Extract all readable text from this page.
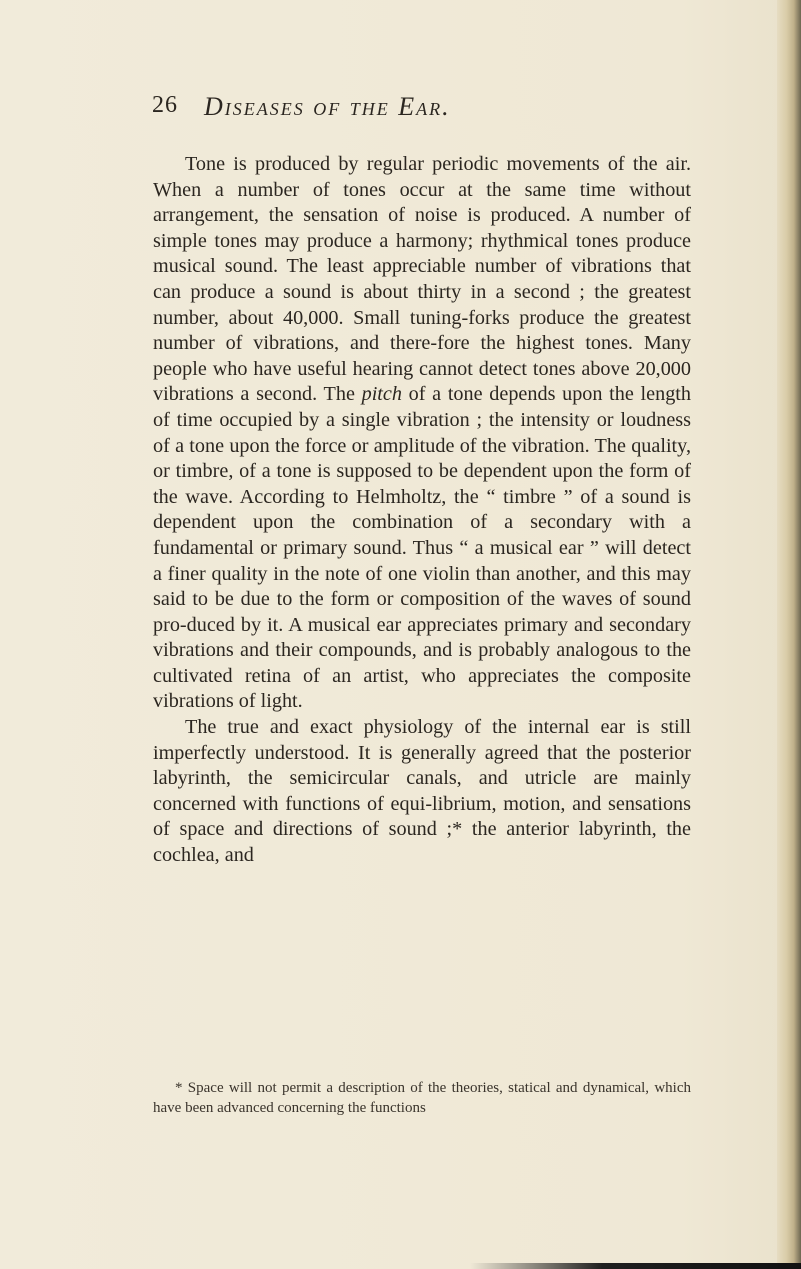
26 Diseases of the Ear.

Tone is produced by regular periodic movements of the air. When a number of tones occur at the same time without arrangement, the sensation of noise is produced. A number of simple tones may produce a harmony; rhythmical tones produce musical sound. The least appreciable number of vibrations that can produce a sound is about thirty in a second ; the greatest number, about 40,000. Small tuning-forks produce the greatest number of vibrations, and there-fore the highest tones. Many people who have useful hearing cannot detect tones above 20,000 vibrations a second. The pitch of a tone depends upon the length of time occupied by a single vibration ; the intensity or loudness of a tone upon the force or amplitude of the vibration. The quality, or timbre, of a tone is supposed to be dependent upon the form of the wave. According to Helmholtz, the “ timbre ” of a sound is dependent upon the combination of a secondary with a fundamental or primary sound. Thus “ a musical ear ” will detect a finer quality in the note of one violin than another, and this may said to be due to the form or composition of the waves of sound pro-duced by it. A musical ear appreciates primary and secondary vibrations and their compounds, and is probably analogous to the cultivated retina of an artist, who appreciates the composite vibrations of light.

The true and exact physiology of the internal ear is still imperfectly understood. It is generally agreed that the posterior labyrinth, the semicircular canals, and utricle are mainly concerned with functions of equi-librium, motion, and sensations of space and directions of sound ;* the anterior labyrinth, the cochlea, and

* Space will not permit a description of the theories, statical and dynamical, which have been advanced concerning the functions
